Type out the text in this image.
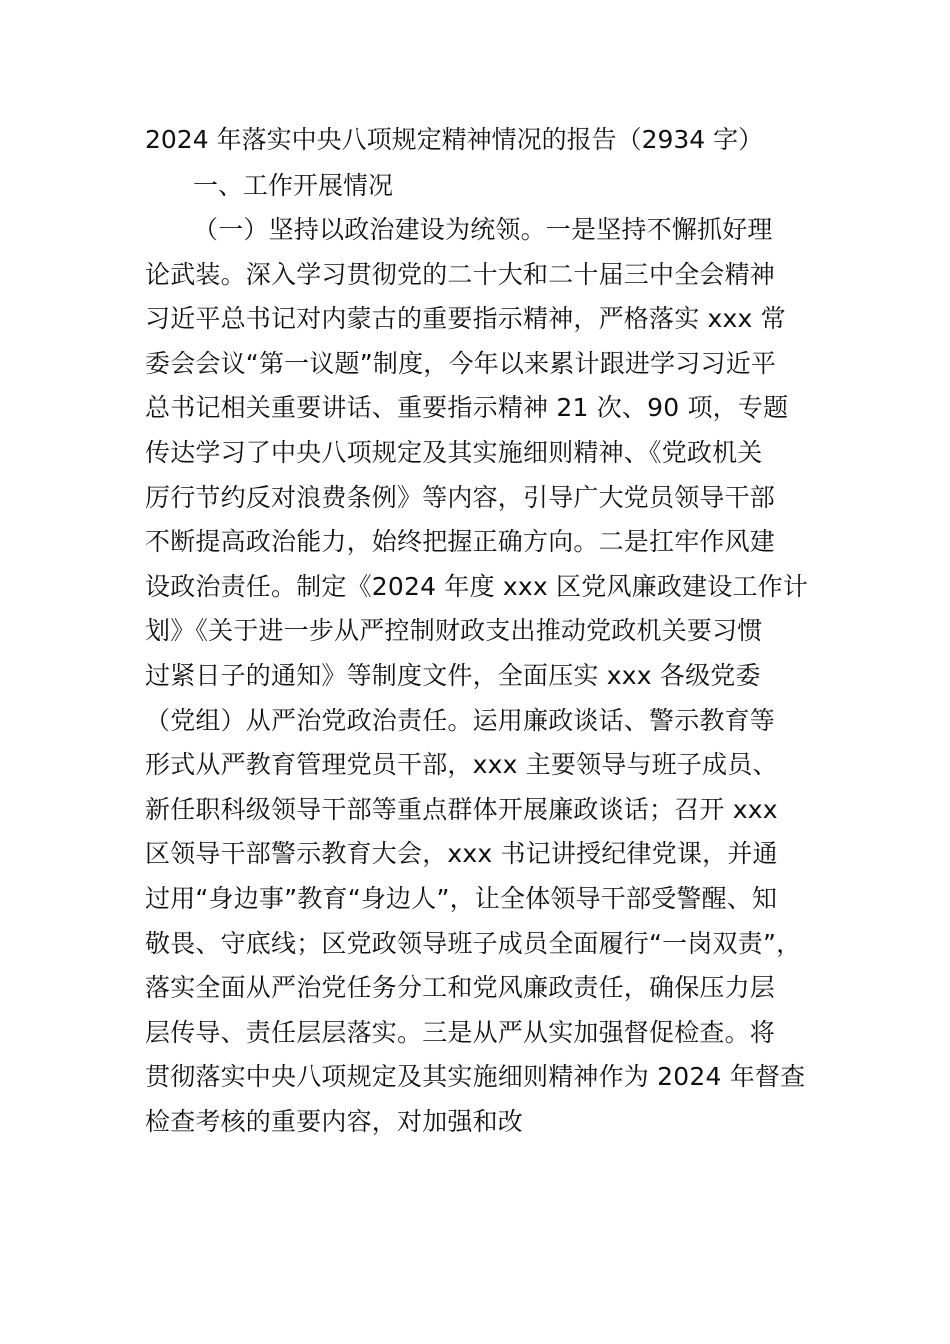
2024 年落实中央八项规定精神情况的报告（2934 字）
一、工作开展情况
（一）坚持以政治建设为统领。一是坚持不懈抓好理
论武装。深入学习贯彻党的二十大和二十届三中全会精神
习近平总书记对内蒙古的重要指示精神，严格落实 xxx 常
委会会议“第一议题”制度，今年以来累计跟进学习习近平
总书记相关重要讲话、重要指示精神 21 次、90 项，专题
传达学习了中央八项规定及其实施细则精神、《党政机关
厉行节约反对浪费条例》等内容，引导广大党员领导干部
不断提高政治能力，始终把握正确方向。二是扛牢作风建
设政治责任。制定《2024 年度 xxx 区党风廉政建设工作计
划》《关于进一步从严控制财政支出推动党政机关要习惯
过紧日子的通知》等制度文件，全面压实 xxx 各级党委
（党组）从严治党政治责任。运用廉政谈话、警示教育等
形式从严教育管理党员干部，xxx 主要领导与班子成员、
新任职科级领导干部等重点群体开展廉政谈话；召开 xxx
区领导干部警示教育大会，xxx 书记讲授纪律党课，并通
过用“身边事”教育“身边人”，让全体领导干部受警醒、知
敬畏、守底线；区党政领导班子成员全面履行“一岗双责”，
落实全面从严治党任务分工和党风廉政责任，确保压力层
层传导、责任层层落实。三是从严从实加强督促检查。将
贯彻落实中央八项规定及其实施细则精神作为 2024 年督查
检查考核的重要内容，对加强和改
